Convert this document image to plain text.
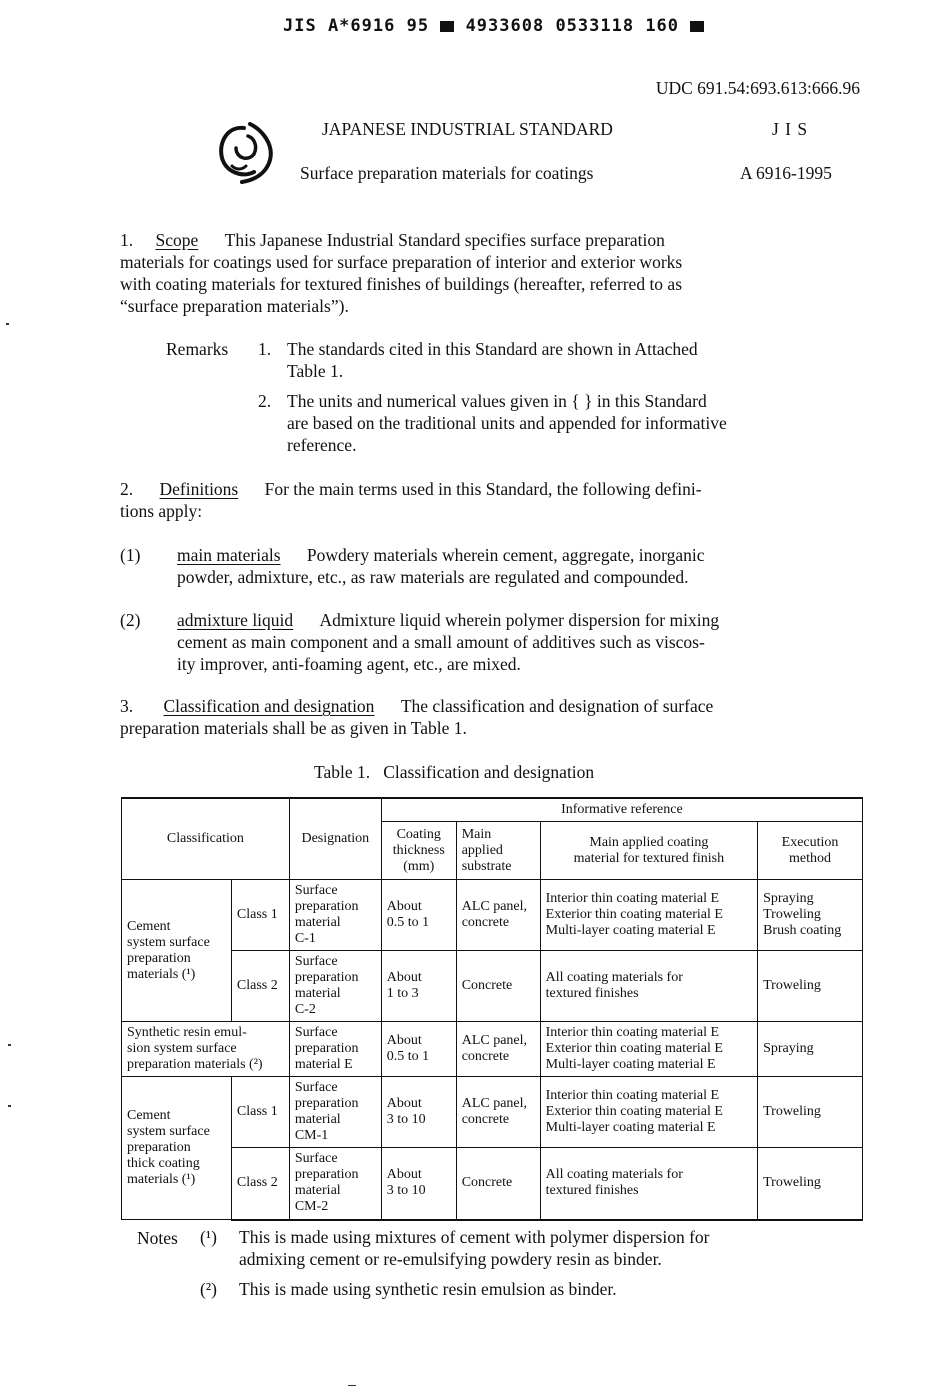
JIS A*6916 95 4933608 0533118 160
UDC 691.54:693.613:666.96
JAPANESE INDUSTRIAL STANDARD	J I S
Surface preparation materials for coatings	A 6916-1995
1. Scope This Japanese Industrial Standard specifies surface preparation
materials for coatings used for surface preparation of interior and exterior works
with coating materials for textured finishes of buildings (hereafter, referred to as
“surface preparation materials”).
Remarks 1. The standards cited in this Standard are shown in Attached
Table 1.
2. The units and numerical values given in { } in this Standard
are based on the traditional units and appended for informative
reference.
2. Definitions For the main terms used in this Standard, the following defini-
tions apply:
(1) main materials Powdery materials wherein cement, aggregate, inorganic
powder, admixture, etc., as raw materials are regulated and compounded.
(2) admixture liquid Admixture liquid wherein polymer dispersion for mixing
cement as main component and a small amount of additives such as viscos-
ity improver, anti-foaming agent, etc., are mixed.
3. Classification and designation The classification and designation of surface
preparation materials shall be as given in Table 1.
Table 1.   Classification and designation
Classification		Designation	Informative reference			

			Coating
thickness
(mm)	Main
applied
substrate	Main applied coating
material for textured finish	Execution
method

Cement
system surface
preparation
materials (¹)	Class 1	Surface
preparation
material
C-1	About
0.5 to 1	ALC panel,
concrete	Interior thin coating material E
Exterior thin coating material E
Multi-layer coating material E	Spraying
Troweling
Brush coating

	Class 2	Surface
preparation
material
C-2	About
1 to 3	Concrete	All coating materials for
textured finishes	Troweling

Synthetic resin emul-
sion system surface
preparation materials (²)		Surface
preparation
material E	About
0.5 to 1	ALC panel,
concrete	Interior thin coating material E
Exterior thin coating material E
Multi-layer coating material E	Spraying

Cement
system surface
preparation
thick coating
materials (¹)	Class 1	Surface
preparation
material
CM-1	About
3 to 10	ALC panel,
concrete	Interior thin coating material E
Exterior thin coating material E
Multi-layer coating material E	Troweling

	Class 2	Surface
preparation
material
CM-2	About
3 to 10	Concrete	All coating materials for
textured finishes	Troweling
Notes (¹) This is made using mixtures of cement with polymer dispersion for
admixing cement or re-emulsifying powdery resin as binder.
(²) This is made using synthetic resin emulsion as binder.
